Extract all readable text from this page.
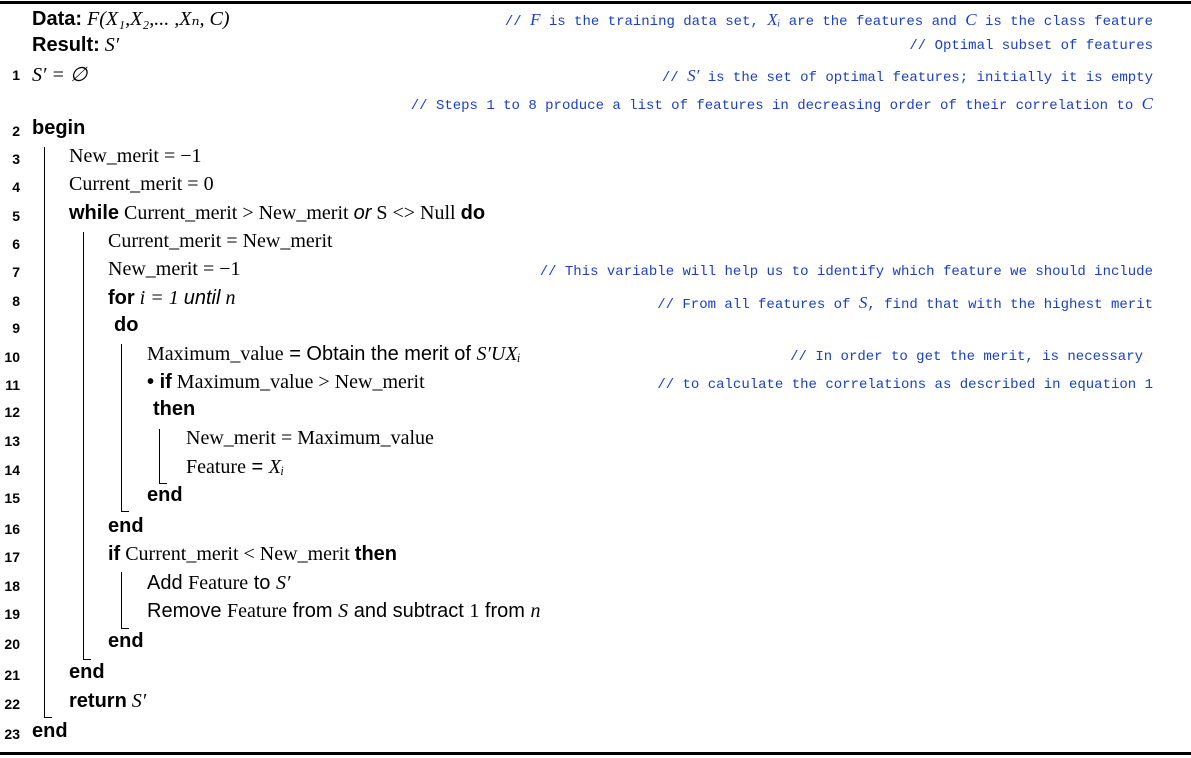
Data: F(X₁,X₂,... ,Xₙ, C)	// F is the training data set, Xᵢ are the features and C is the class feature
Result: S′	// Optimal subset of features
1 S′ = ∅	// S′ is the set of optimal features; initially it is empty
// Steps 1 to 8 produce a list of features in decreasing order of their correlation to C
2 begin
3 New_merit = −1
4 Current_merit = 0
5 while Current_merit > New_merit or S <> Null do
6	Current_merit = New_merit
7	New_merit = −1	// This variable will help us to identify which feature we should include
8	for i = 1 until n	// From all features of S, find that with the highest merit
9	do
10	Maximum_value = Obtain the merit of S′UXᵢ	// In order to get the merit, is necessary
11	• if Maximum_value > New_merit	// to calculate the correlations as described in equation 1
12	then
13	New_merit = Maximum_value
14	Feature = Xᵢ
15	end
16	end
17	if Current_merit < New_merit then
18	Add Feature to S′
19	Remove Feature from S and subtract 1 from n
20	end
21 end
22 return S′
23 end
